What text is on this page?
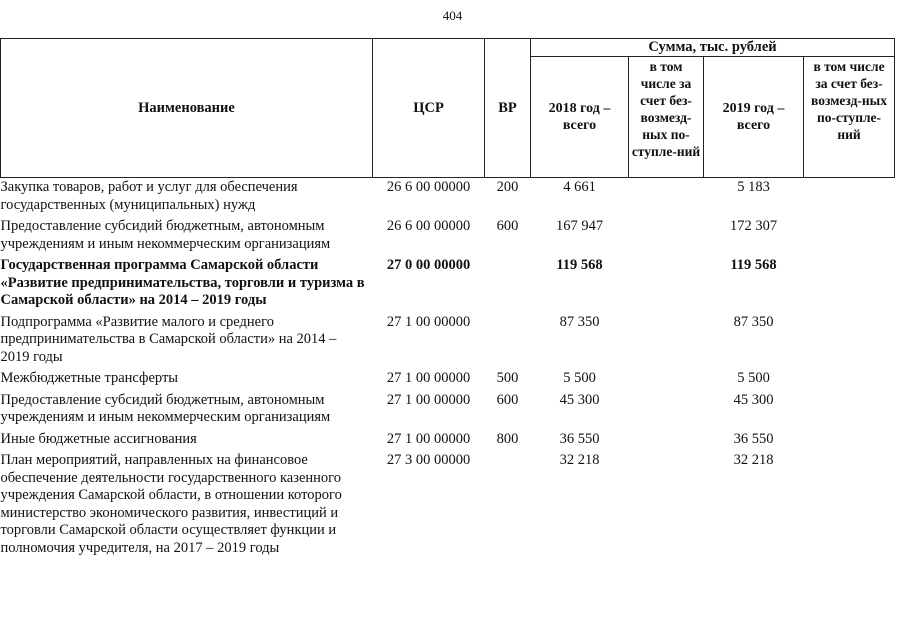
404
Наименование	ЦСР	ВР	Сумма, тыс. рублей			
			2018 год – всего	в том числе за счет без-возмезд-ных по-ступле-ний	2019 год – всего	в том числе за счет без-возмезд-ных по-ступле-ний
Закупка товаров, работ и услуг для обеспечения государственных (муниципальных) нужд	26 6 00 00000	200	4 661		5 183	
Предоставление субсидий бюджетным, автономным учреждениям и иным некоммерческим организациям	26 6 00 00000	600	167 947		172 307	
Государственная программа Самарской области «Развитие предпринимательства, торговли и туризма в Самарской области» на 2014 – 2019 годы	27 0 00 00000		119 568		119 568	
Подпрограмма «Развитие малого и среднего предпринимательства в Самарской области» на 2014 – 2019 годы	27 1 00 00000		87 350		87 350	
Межбюджетные трансферты	27 1 00 00000	500	5 500		5 500	
Предоставление субсидий бюджетным, автономным учреждениям и иным некоммерческим организациям	27 1 00 00000	600	45 300		45 300	
Иные бюджетные ассигнования	27 1 00 00000	800	36 550		36 550	
План мероприятий, направленных на финансовое обеспечение деятельности государственного казенного учреждения Самарской области, в отношении которого министерство экономического развития, инвестиций и торговли Самарской области осуществляет функции и полномочия учредителя, на 2017 – 2019 годы	27 3 00 00000		32 218		32 218	
